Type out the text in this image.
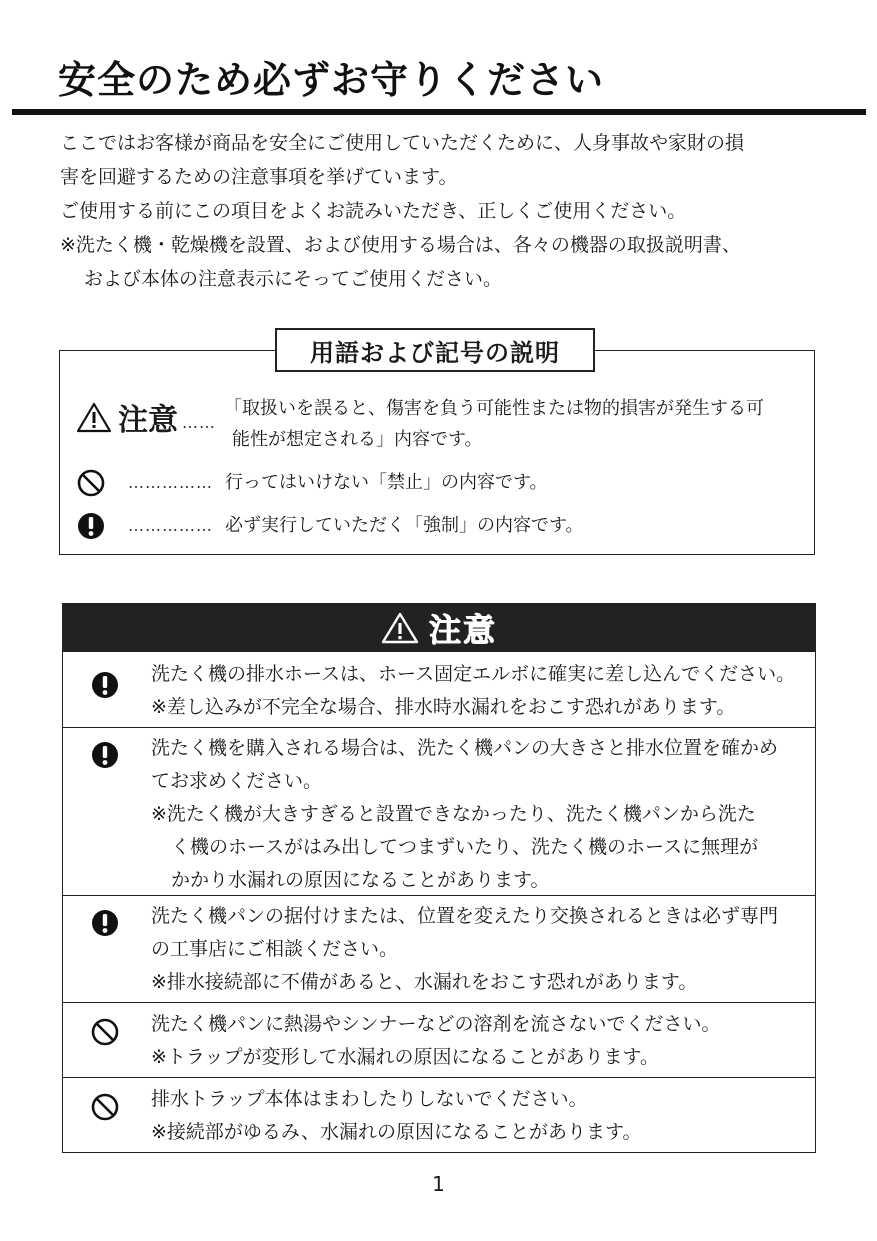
安全のため必ずお守りください

ここではお客様が商品を安全にご使用していただくために、人身事故や家財の損

害を回避するための注意事項を挙げています。

ご使用する前にこの項目をよくお読みいただき、正しくご使用ください。

※洗たく機・乾燥機を設置、および使用する場合は、各々の機器の取扱説明書、

および本体の注意表示にそってご使用ください。

用語および記号の説明
注意 ……
「取扱いを誤ると、傷害を負う可能性または物的損害が発生する可
能性が想定される」内容です。
…………… 行ってはいけない「禁止」の内容です。
…………… 必ず実行していただく「強制」の内容です。
注意

洗たく機の排水ホースは、ホース固定エルボに確実に差し込んでください。

※差し込みが不完全な場合、排水時水漏れをおこす恐れがあります。

洗たく機を購入される場合は、洗たく機パンの大きさと排水位置を確かめ

てお求めください。

※洗たく機が大きすぎると設置できなかったり、洗たく機パンから洗た

く機のホースがはみ出してつまずいたり、洗たく機のホースに無理が

かかり水漏れの原因になることがあります。

洗たく機パンの据付けまたは、位置を変えたり交換されるときは必ず専門

の工事店にご相談ください。

※排水接続部に不備があると、水漏れをおこす恐れがあります。

洗たく機パンに熱湯やシンナーなどの溶剤を流さないでください。

※トラップが変形して水漏れの原因になることがあります。

排水トラップ本体はまわしたりしないでください。

※接続部がゆるみ、水漏れの原因になることがあります。

1
